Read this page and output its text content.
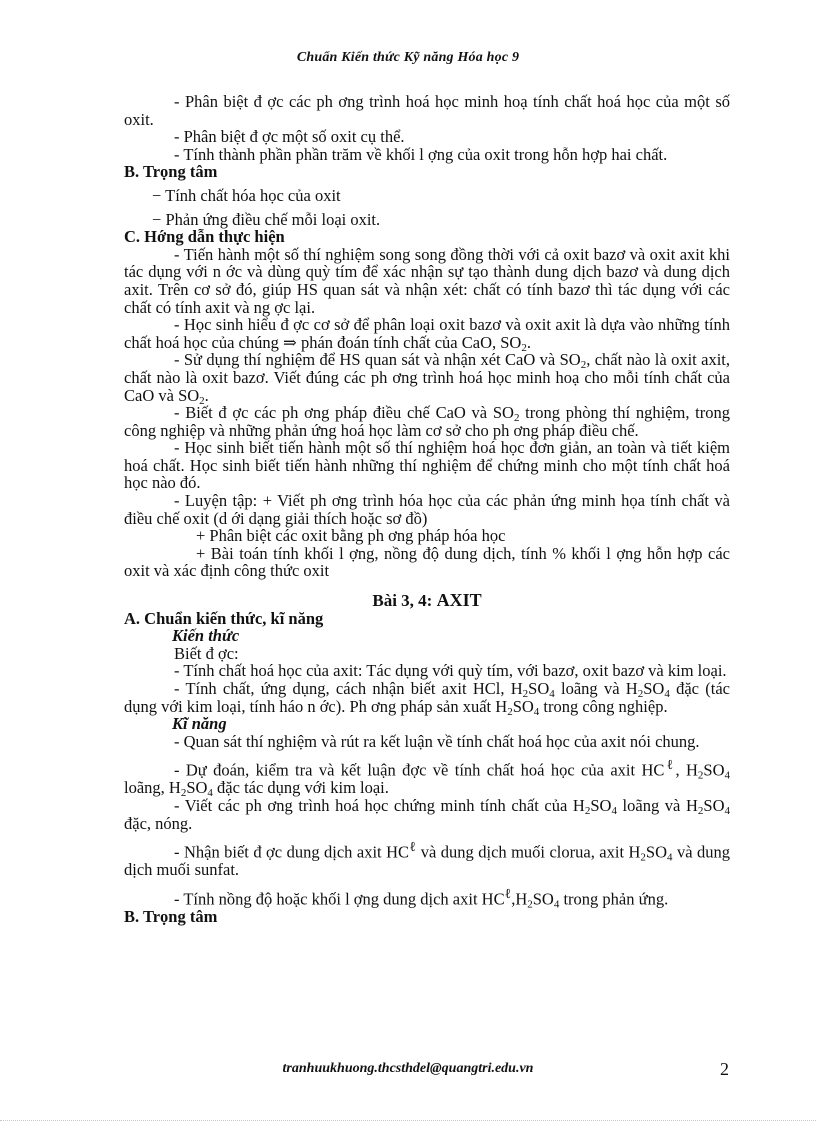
Chuẩn Kiến thức Kỹ năng Hóa học 9

- Phân biệt đ ợc các ph ơng trình hoá học minh hoạ tính chất hoá học của một số oxit.

- Phân biệt đ ợc một số oxit cụ thể.

- Tính thành phần phần trăm về khối l ợng của oxit trong hỗn hợp hai chất.

B. Trọng tâm

− Tính chất hóa học của oxit

− Phản ứng điều chế mỗi loại oxit.

C. Hớng dẫn thực hiện

- Tiến hành một số thí nghiệm song song đồng thời với cả oxit bazơ và oxit axit khi tác dụng với n ớc và dùng quỳ tím để xác nhận sự tạo thành dung dịch bazơ và dung dịch axit. Trên cơ sở đó, giúp HS quan sát và nhận xét: chất có tính bazơ thì tác dụng với các chất có tính axit và ng ợc lại.

- Học sinh hiểu đ ợc cơ sở để phân loại oxit bazơ và oxit axit là dựa vào những tính chất hoá học của chúng ⇒ phán đoán tính chất của CaO, $SO_2$.

- Sử dụng thí nghiệm để HS quan sát và nhận xét CaO và $SO_2$, chất nào là oxit axit, chất nào là oxit bazơ. Viết đúng các ph ơng trình hoá học minh hoạ cho mỗi tính chất của CaO và $SO_2$.

- Biết đ ợc các ph ơng pháp điều chế CaO và $SO_2$ trong phòng thí nghiệm, trong công nghiệp và những phản ứng hoá học làm cơ sở cho ph ơng pháp điều chế.

- Học sinh biết tiến hành một số thí nghiệm hoá học đơn giản, an toàn và tiết kiệm hoá chất. Học sinh biết tiến hành những thí nghiệm để chứng minh cho một tính chất hoá học nào đó.

- Luyện tập: + Viết ph ơng trình hóa học của các phản ứng minh họa tính chất và điều chế oxit (d ới dạng giải thích hoặc sơ đồ)

+ Phân biệt các oxit bằng ph ơng pháp hóa học

+ Bài toán tính khối l ợng, nồng độ dung dịch, tính % khối l ợng hỗn hợp các oxit và xác định công thức oxit

Bài 3, 4: AXIT

A. Chuẩn kiến thức, kĩ năng

Kiến thức

Biết đ ợc:

- Tính chất hoá học của axit: Tác dụng với quỳ tím, với bazơ, oxit bazơ và kim loại.

- Tính chất, ứng dụng, cách nhận biết axit HCl, $H_2SO_4$ loãng và $H_2SO_4$ đặc (tác dụng với kim loại, tính háo n ớc). Ph ơng pháp sản xuất $H_2SO_4$ trong công nghiệp.

Kĩ năng

- Quan sát thí nghiệm và rút ra kết luận về tính chất hoá học của axit nói chung.

- Dự đoán, kiểm tra và kết luận đợc về tính chất hoá học của axit $HC^\ell$, $H_2SO_4$ loãng, $H_2SO_4$ đặc tác dụng với kim loại.

- Viết các ph ơng trình hoá học chứng minh tính chất của $H_2SO_4$ loãng và $H_2SO_4$ đặc, nóng.

- Nhận biết đ ợc dung dịch axit $HC^\ell$ và dung dịch muối clorua, axit $H_2SO_4$ và dung dịch muối sunfat.

- Tính nồng độ hoặc khối l ợng dung dịch axit $HC^\ell,H_2SO_4$ trong phản ứng.

B. Trọng tâm

tranhuukhuong.thcsthdel@quangtri.edu.vn	2
